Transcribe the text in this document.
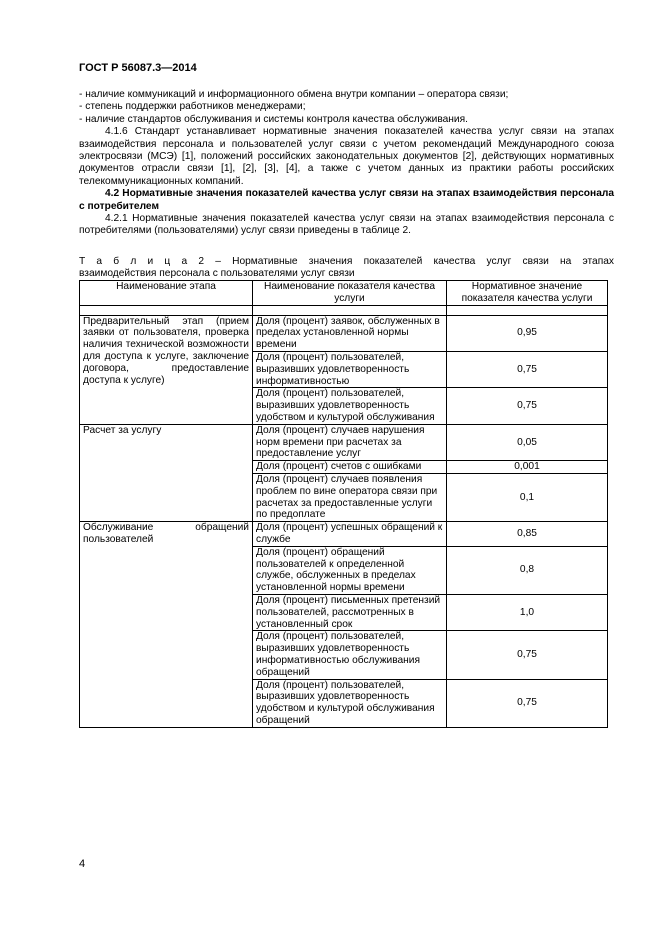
ГОСТ Р 56087.3—2014

- наличие коммуникаций и информационного обмена внутри компании – оператора связи;

- степень поддержки работников менеджерами;

- наличие стандартов обслуживания и системы контроля качества обслуживания.

4.1.6 Стандарт устанавливает нормативные значения показателей качества услуг связи на этапах взаимодействия персонала и пользователей услуг связи с учетом рекомендаций Международного союза электросвязи (МСЭ) [1], положений российских законодательных документов [2], действующих нормативных документов отрасли связи [1], [2], [3], [4], а также с учетом данных из практики работы российских телекоммуникационных компаний.

4.2 Нормативные значения показателей качества услуг связи на этапах взаимодействия персонала с потребителем

4.2.1 Нормативные значения показателей качества услуг связи на этапах взаимодействия персонала с потребителями (пользователями) услуг связи приведены в таблице 2.

Т а б л и ц а 2 – Нормативные значения показателей качества услуг связи на этапах

взаимодействия персонала с пользователями услуг связи

Наименование этапа	Наименование показателя качества услуги	Нормативное значение показателя качества услуги

Предварительный этап (прием заявки от пользователя, проверка наличия технической возможности для доступа к услуге, заключение договора, предоставление доступа к услуге)	Доля (процент) заявок, обслуженных в пределах установленной нормы времени	0,95
	Доля (процент) пользователей, выразивших удовлетворенность информативностью	0,75
	Доля (процент) пользователей, выразивших удовлетворенность удобством и культурой обслуживания	0,75
Расчет за услугу	Доля (процент) случаев нарушения норм времени при расчетах за предоставление услуг	0,05
	Доля (процент) счетов с ошибками	0,001
	Доля (процент) случаев появления проблем по вине оператора связи при расчетах за предоставленные услуги по предоплате	0,1
Обслуживание обращений пользователей	Доля (процент) успешных обращений к службе	0,85
	Доля (процент) обращений пользователей к определенной службе, обслуженных в пределах установленной нормы времени	0,8
	Доля (процент) письменных претензий пользователей, рассмотренных в установленный срок	1,0
	Доля (процент) пользователей, выразивших удовлетворенность информативностью обслуживания обращений	0,75
	Доля (процент) пользователей, выразивших удовлетворенность удобством и культурой обслуживания обращений	0,75
4
